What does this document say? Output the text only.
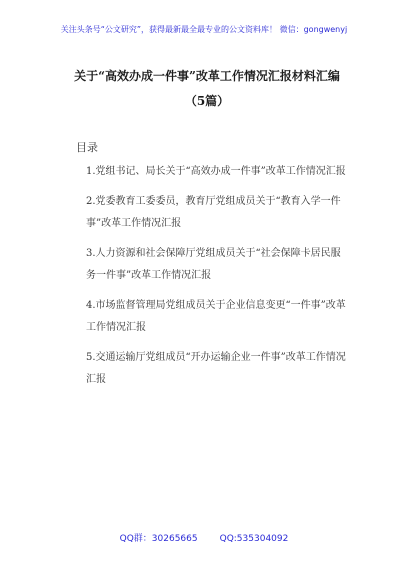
关注头条号“公文研究”，获得最新最全最专业的公文资料库！ 微信：gongwenyj
关于“高效办成一件事”改革工作情况汇报材料汇编（5篇）
目录
1.党组书记、局长关于“高效办成一件事”改革工作情况汇报
2.党委教育工委委员，教育厅党组成员关于“教育入学一件事”改革工作情况汇报
3.人力资源和社会保障厅党组成员关于“社会保障卡居民服务一件事”改革工作情况汇报
4.市场监督管理局党组成员关于企业信息变更“一件事”改革工作情况汇报
5.交通运输厅党组成员“开办运输企业一件事”改革工作情况汇报
QQ群：30265665 QQ:535304092
